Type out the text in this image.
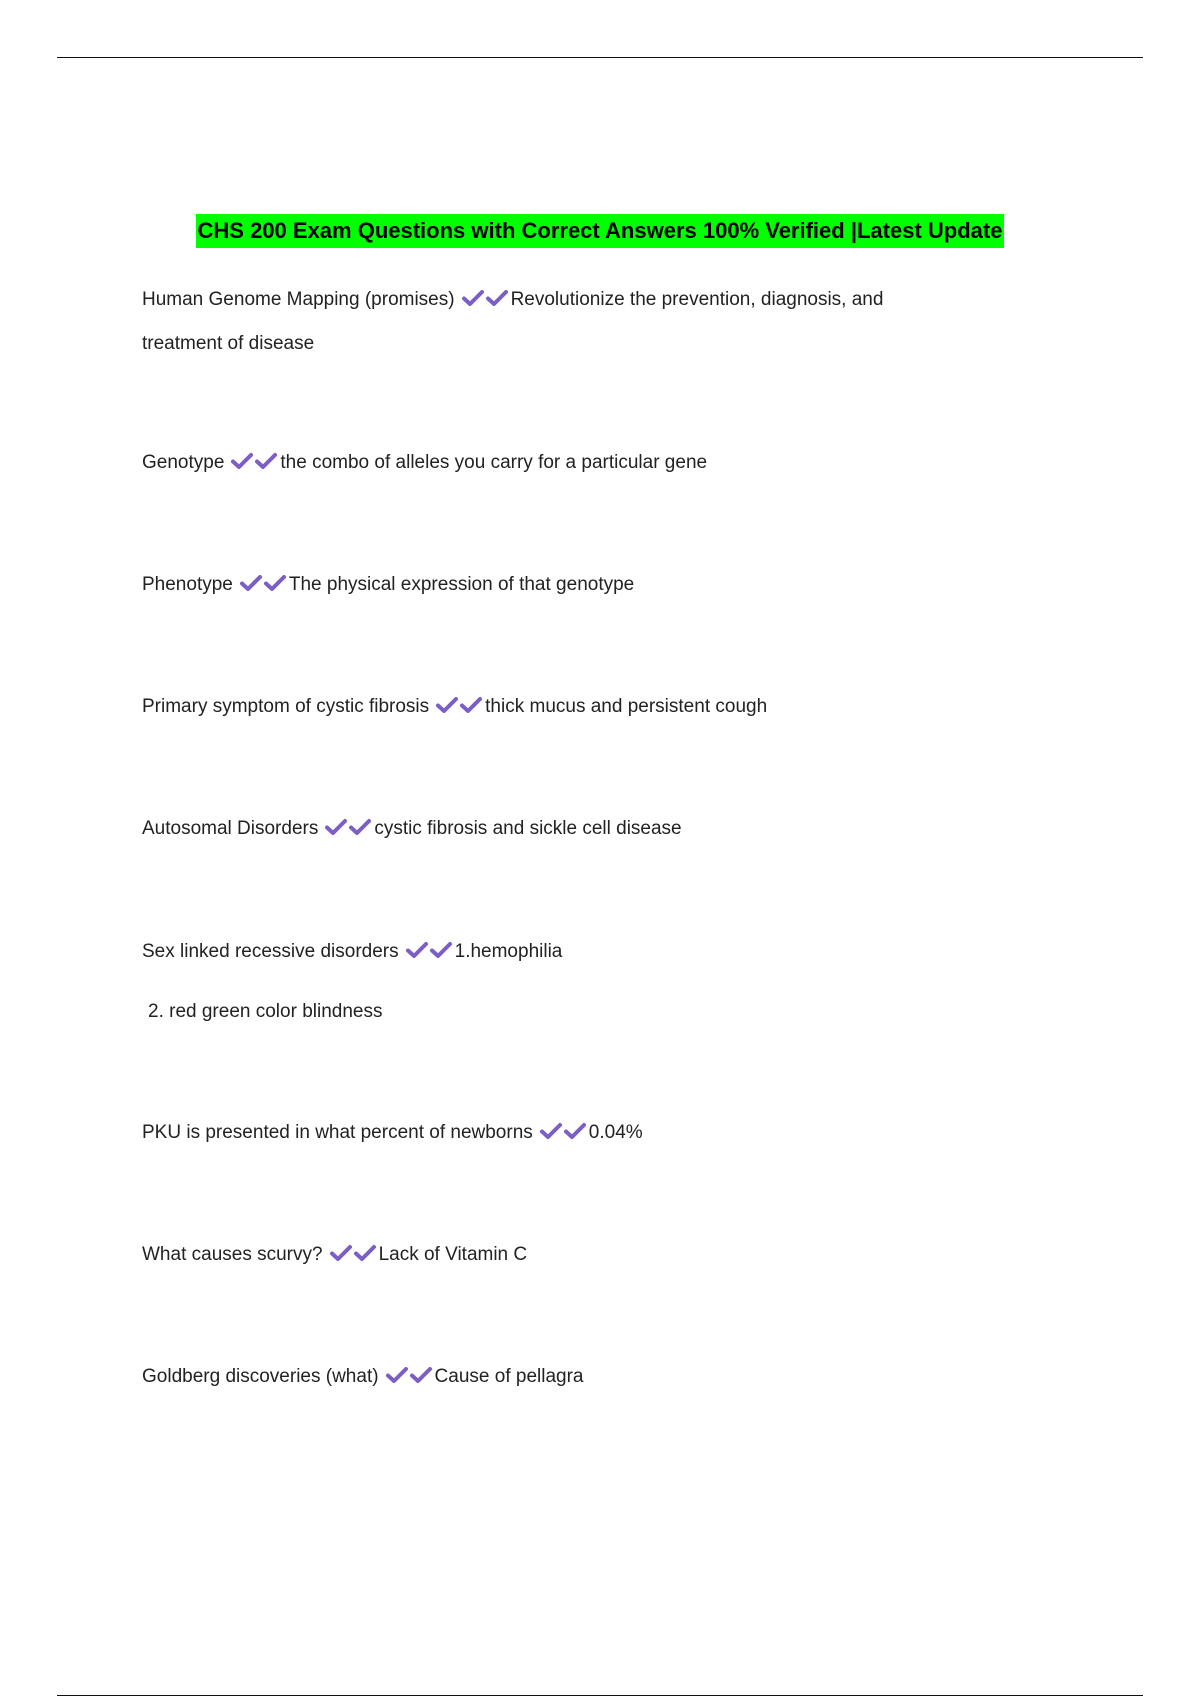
CHS 200 Exam Questions with Correct Answers 100% Verified |Latest Update
Human Genome Mapping (promises)	Revolutionize the prevention, diagnosis, and
treatment of disease
Genotype	the combo of alleles you carry for a particular gene
Phenotype	The physical expression of that genotype
Primary symptom of cystic fibrosis	thick mucus and persistent cough
Autosomal Disorders	cystic fibrosis and sickle cell disease
Sex linked recessive disorders	1.hemophilia
2. red green color blindness
PKU is presented in what percent of newborns	0.04%
What causes scurvy?	Lack of Vitamin C
Goldberg discoveries (what)	Cause of pellagra
